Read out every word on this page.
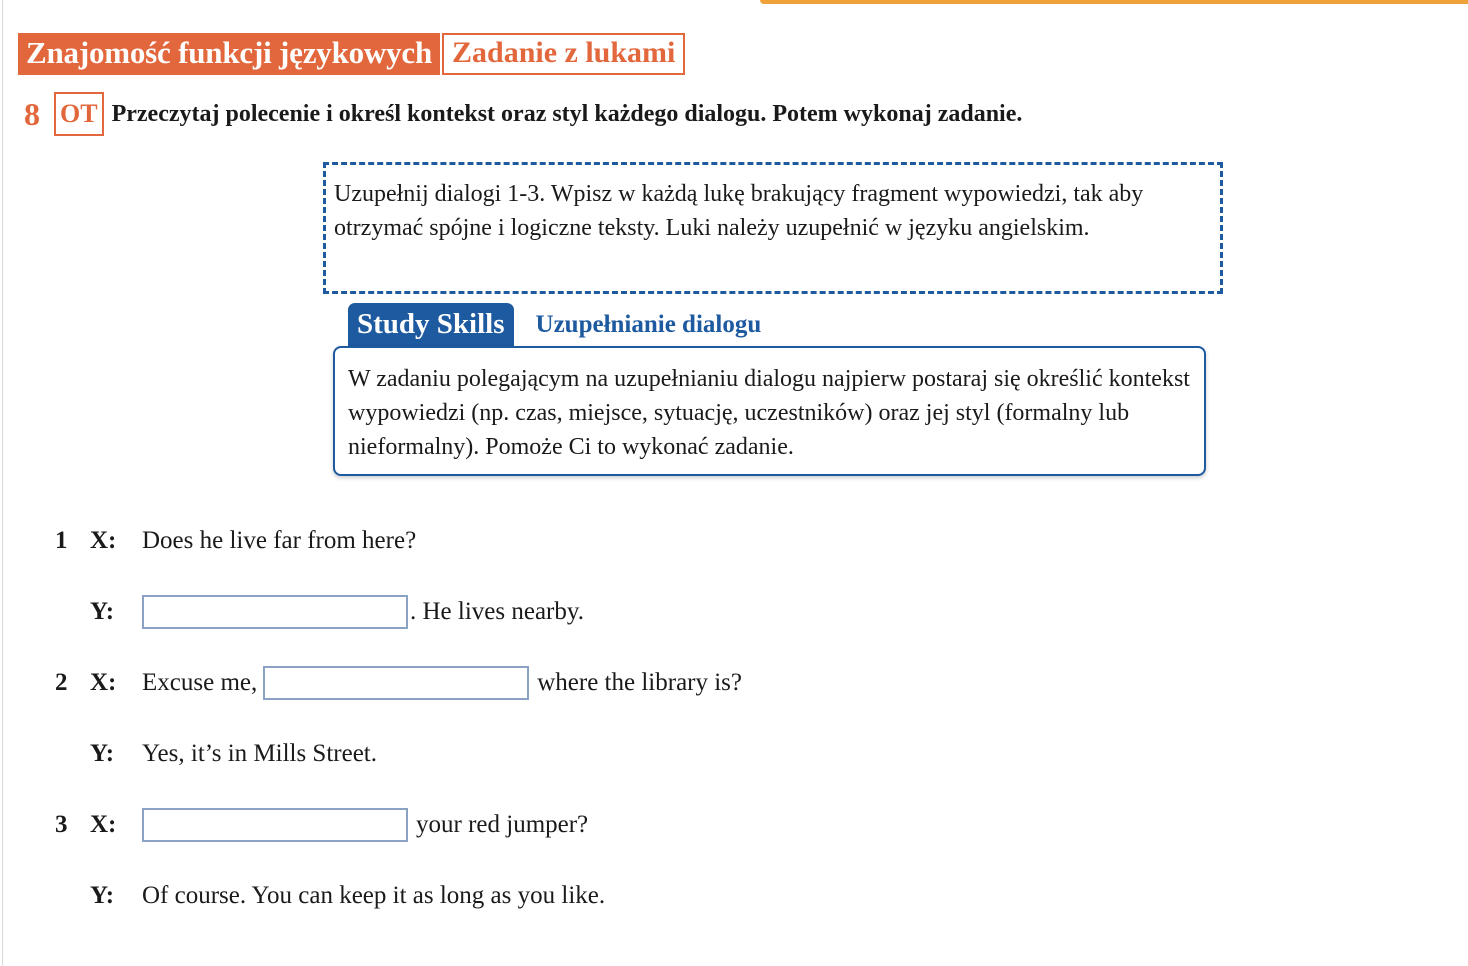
Znajomość funkcji językowych Zadanie z lukami
8 OT Przeczytaj polecenie i określ kontekst oraz styl każdego dialogu. Potem wykonaj zadanie.
Uzupełnij dialogi 1-3. Wpisz w każdą lukę brakujący fragment wypowiedzi, tak aby otrzymać spójne i logiczne teksty. Luki należy uzupełnić w języku angielskim.
Study Skills	Uzupełnianie dialogu
W zadaniu polegającym na uzupełnianiu dialogu najpierw postaraj się określić kontekst wypowiedzi (np. czas, miejsce, sytuację, uczestników) oraz jej styl (formalny lub nieformalny). Pomoże Ci to wykonać zadanie.
1 X: Does he live far from here?
Y:	. He lives nearby.
2 X: Excuse me,	where the library is?
Y: Yes, it’s in Mills Street.
3 X:	your red jumper?
Y: Of course. You can keep it as long as you like.
